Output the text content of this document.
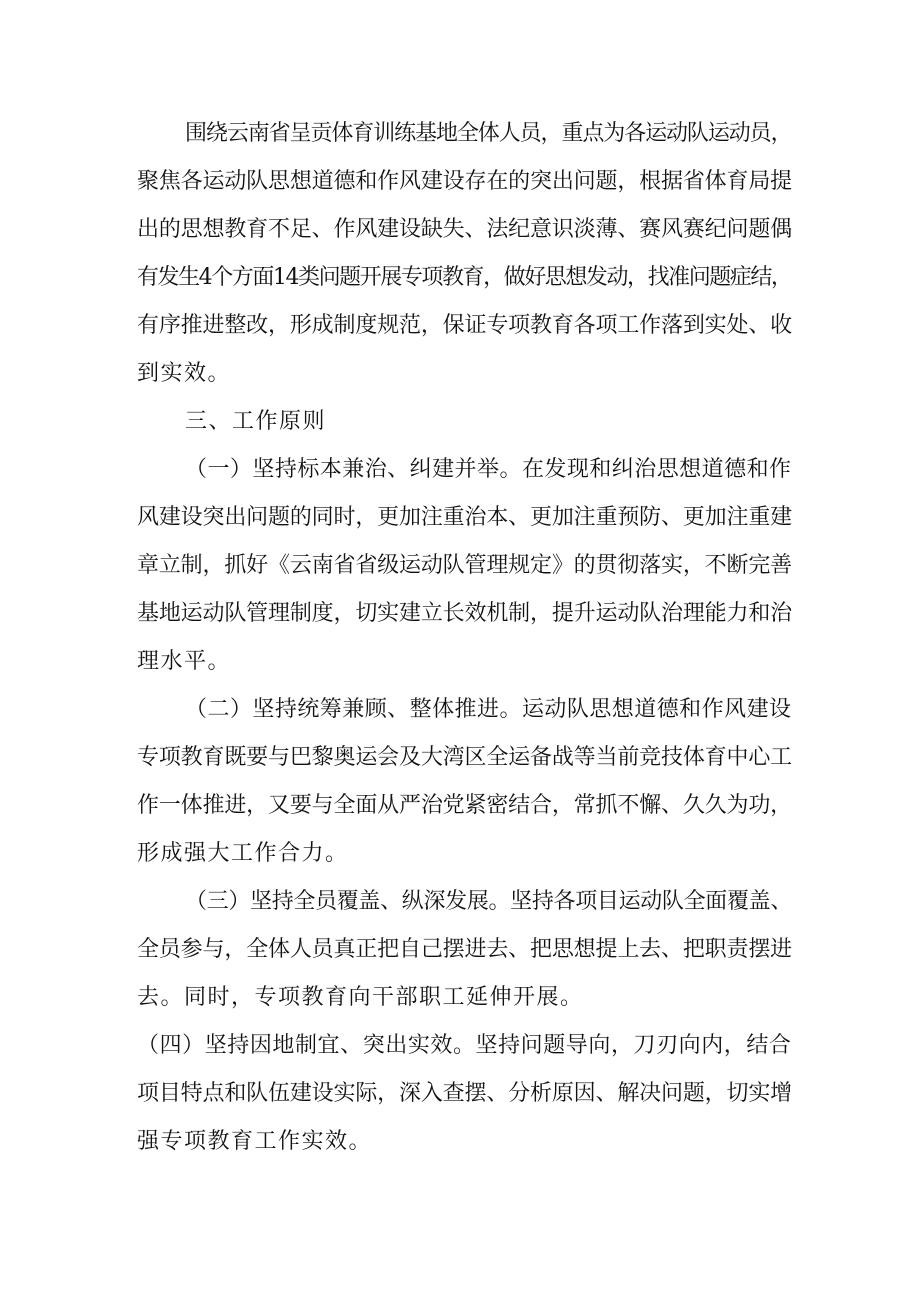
围绕云南省呈贡体育训练基地全体人员，重点为各运动队运动员，
聚焦各运动队思想道德和作风建设存在的突出问题，根据省体育局提
出的思想教育不足、作风建设缺失、法纪意识淡薄、赛风赛纪问题偶
有发生4个方面14类问题开展专项教育，做好思想发动，找准问题症结，
有序推进整改，形成制度规范，保证专项教育各项工作落到实处、收
到实效。
三、工作原则
（一）坚持标本兼治、纠建并举。在发现和纠治思想道德和作
风建设突出问题的同时，更加注重治本、更加注重预防、更加注重建
章立制，抓好《云南省省级运动队管理规定》的贯彻落实，不断完善
基地运动队管理制度，切实建立长效机制，提升运动队治理能力和治
理水平。
（二）坚持统筹兼顾、整体推进。运动队思想道德和作风建设
专项教育既要与巴黎奥运会及大湾区全运备战等当前竞技体育中心工
作一体推进，又要与全面从严治党紧密结合，常抓不懈、久久为功，
形成强大工作合力。
（三）坚持全员覆盖、纵深发展。坚持各项目运动队全面覆盖、
全员参与，全体人员真正把自己摆进去、把思想提上去、把职责摆进
去。同时，专项教育向干部职工延伸开展。
（四）坚持因地制宜、突出实效。坚持问题导向，刀刃向内，结合
项目特点和队伍建设实际，深入查摆、分析原因、解决问题，切实增
强专项教育工作实效。
